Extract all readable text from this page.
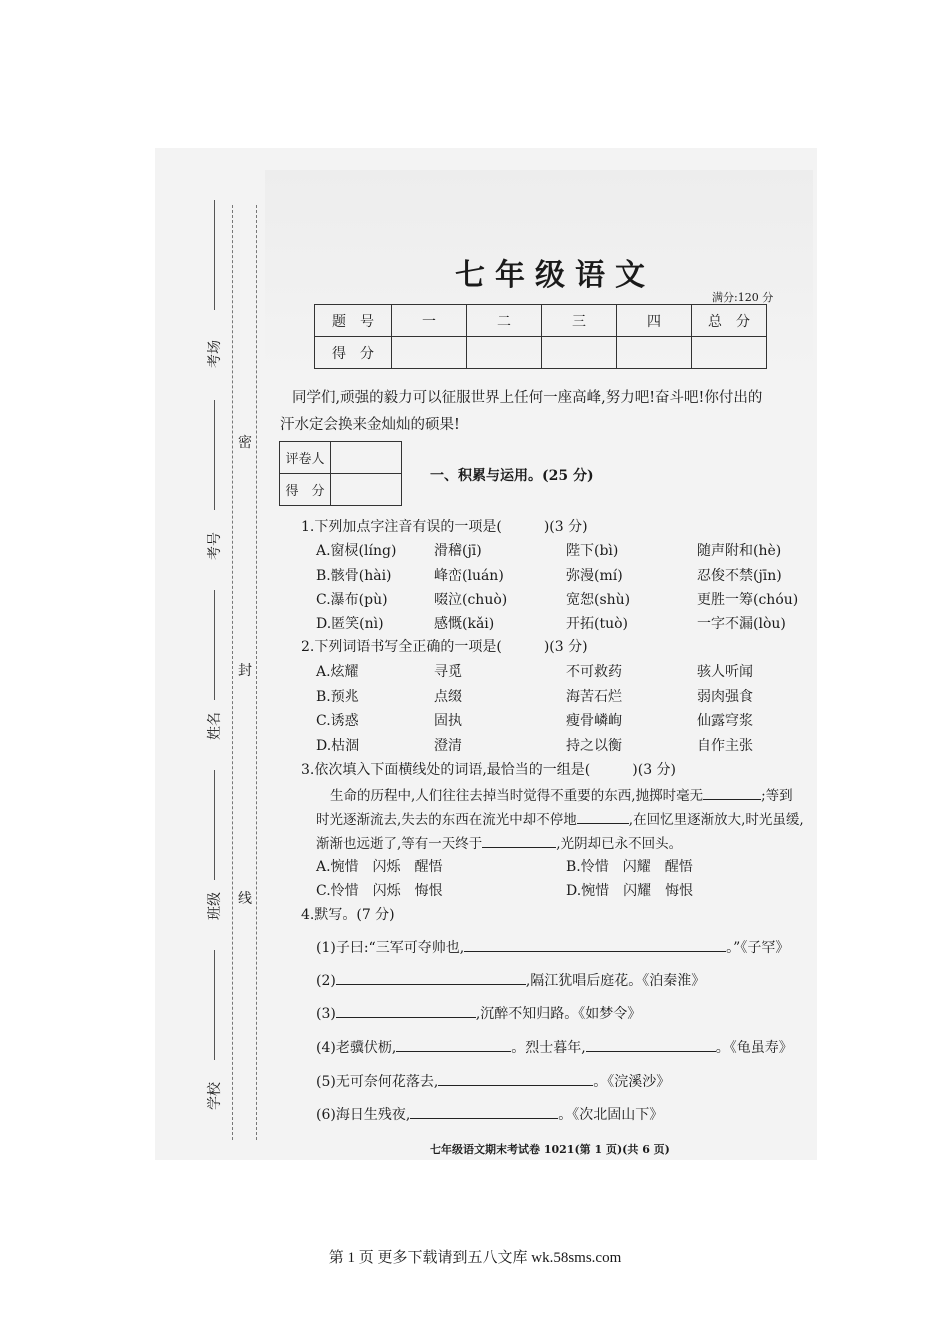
密
封
线
考场
考号
姓名
班级
学校
七年级语文
满分:120 分
题　号	一	二	三	四	总　分
得　分					
同学们,顽强的毅力可以征服世界上任何一座高峰,努力吧!奋斗吧!你付出的
汗水定会换来金灿灿的硕果!
评卷人	
得　分	
一、积累与运用。(25 分)
1.下列加点字注音有误的一项是(　　　)(3 分)
A.窗棂(líng)	滑稽(jī)	陛下(bì)	随声附和(hè)
B.骸骨(hài)	峰峦(luán)	弥漫(mí)	忍俊不禁(jīn)
C.瀑布(pù)	啜泣(chuò)	宽恕(shù)	更胜一筹(chóu)
D.匿笑(nì)	感慨(kǎi)	开拓(tuò)	一字不漏(lòu)
2.下列词语书写全正确的一项是(　　　)(3 分)
A.炫耀	寻觅	不可救药	骇人听闻
B.预兆	点缀	海苦石烂	弱肉强食
C.诱惑	固执	瘦骨嶙峋	仙露穹浆
D.枯涸	澄清	持之以衡	自作主张
3.依次填入下面横线处的词语,最恰当的一组是(　　　)(3 分)
生命的历程中,人们往往去掉当时觉得不重要的东西,抛掷时毫无	;等到
时光逐渐流去,失去的东西在流光中却不停地	,在回忆里逐渐放大,时光虽缓,
渐渐也远逝了,等有一天终于	,光阴却已永不回头。
A.惋惜　闪烁　醒悟	B.怜惜　闪耀　醒悟
C.怜惜　闪烁　悔恨	D.惋惜　闪耀　悔恨
4.默写。(7 分)
(1)子曰:“三军可夺帅也,	。”《子罕》
(2)	,隔江犹唱后庭花。《泊秦淮》
(3)	,沉醉不知归路。《如梦令》
(4)老骥伏枥,	。烈士暮年,	。《龟虽寿》
(5)无可奈何花落去,	。《浣溪沙》
(6)海日生残夜,	。《次北固山下》
七年级语文期末考试卷 1021(第 1 页)(共 6 页)
第 1 页 更多下载请到五八文库 wk.58sms.com
